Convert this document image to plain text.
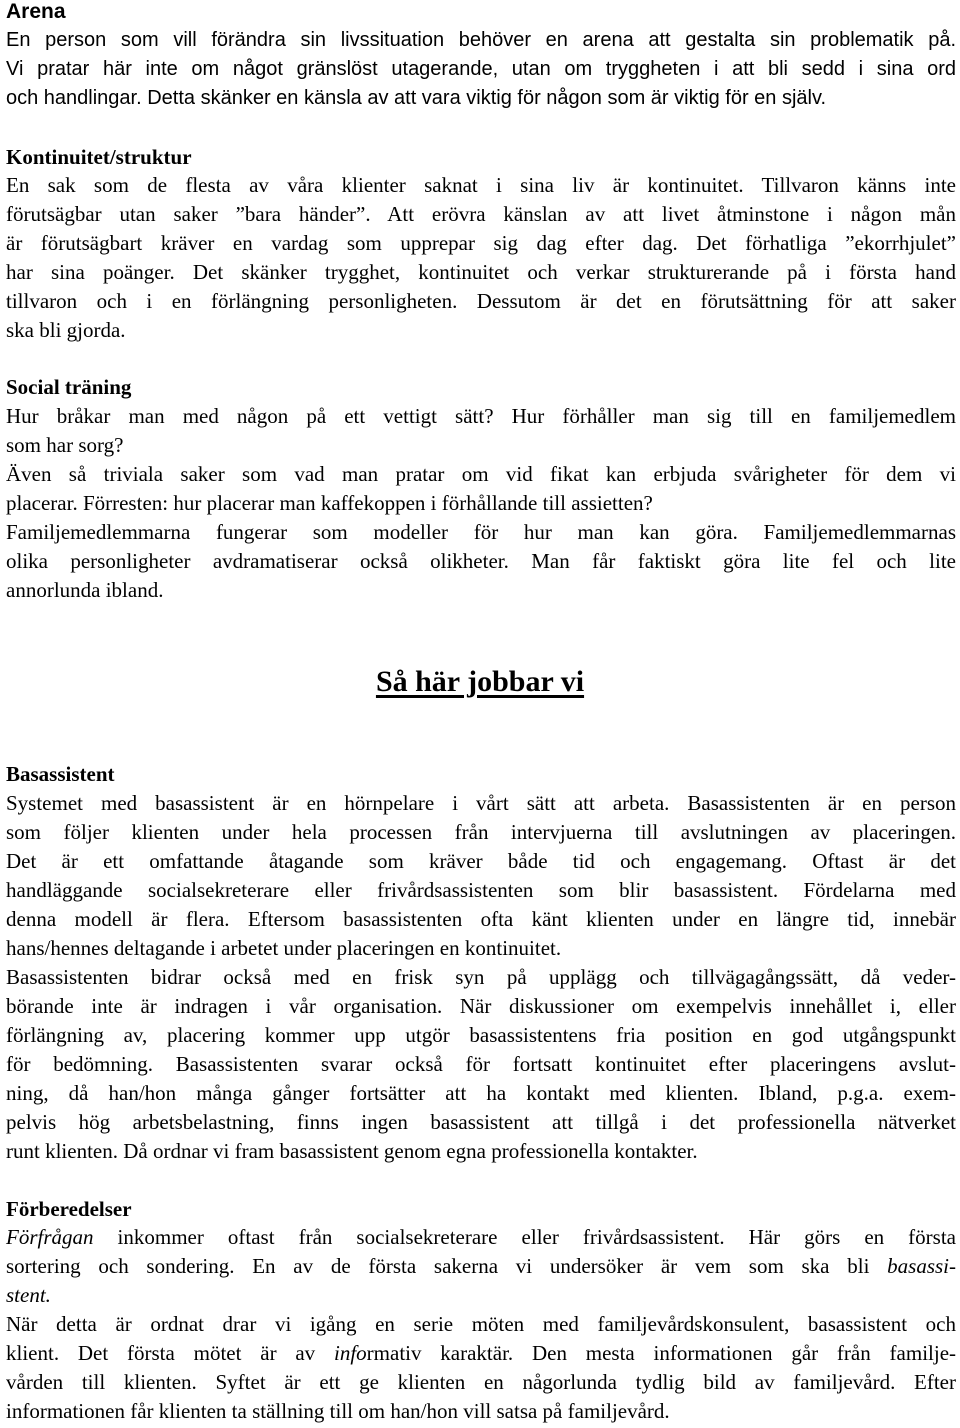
Arena
En person som vill förändra sin livssituation behöver en arena att gestalta sin problematik på.
Vi pratar här inte om något gränslöst utagerande, utan om tryggheten i att bli sedd i sina ord
och handlingar. Detta skänker en känsla av att vara viktig för någon som är viktig för en själv.
Kontinuitet/struktur
En sak som de flesta av våra klienter saknat i sina liv är kontinuitet. Tillvaron känns inte
förutsägbar utan saker ”bara händer”. Att erövra känslan av att livet åtminstone i någon mån
är förutsägbart kräver en vardag som upprepar sig dag efter dag. Det förhatliga ”ekorrhjulet”
har sina poänger. Det skänker trygghet, kontinuitet och verkar strukturerande på i första hand
tillvaron och i en förlängning personligheten. Dessutom är det en förutsättning för att saker
ska bli gjorda.
Social träning
Hur bråkar man med någon på ett vettigt sätt? Hur förhåller man sig till en familjemedlem
som har sorg?
Även så triviala saker som vad man pratar om vid fikat kan erbjuda svårigheter för dem vi
placerar. Förresten: hur placerar man kaffekoppen i förhållande till assietten?
Familjemedlemmarna fungerar som modeller för hur man kan göra. Familjemedlemmarnas
olika personligheter avdramatiserar också olikheter. Man får faktiskt göra lite fel och lite
annorlunda ibland.
Så här jobbar vi
Basassistent
Systemet med basassistent är en hörnpelare i vårt sätt att arbeta. Basassistenten är en person
som följer klienten under hela processen från intervjuerna till avslutningen av placeringen.
Det är ett omfattande åtagande som kräver både tid och engagemang. Oftast är det
handläggande socialsekreterare eller frivårdsassistenten som blir basassistent. Fördelarna med
denna modell är flera. Eftersom basassistenten ofta känt klienten under en längre tid, innebär
hans/hennes deltagande i arbetet under placeringen en kontinuitet.
Basassistenten bidrar också med en frisk syn på upplägg och tillvägagångssätt, då veder-
börande inte är indragen i vår organisation. När diskussioner om exempelvis innehållet i, eller
förlängning av, placering kommer upp utgör basassistentens fria position en god utgångspunkt
för bedömning. Basassistenten svarar också för fortsatt kontinuitet efter placeringens avslut-
ning, då han/hon många gånger fortsätter att ha kontakt med klienten. Ibland, p.g.a. exem-
pelvis hög arbetsbelastning, finns ingen basassistent att tillgå i det professionella nätverket
runt klienten. Då ordnar vi fram basassistent genom egna professionella kontakter.
Förberedelser
Förfrågan inkommer oftast från socialsekreterare eller frivårdsassistent. Här görs en första
sortering och sondering. En av de första sakerna vi undersöker är vem som ska bli basassi-
stent.
När detta är ordnat drar vi igång en serie möten med familjevårdskonsulent, basassistent och
klient. Det första mötet är av informativ karaktär. Den mesta informationen går från familje-
vården till klienten. Syftet är ett ge klienten en någorlunda tydlig bild av familjevård. Efter
informationen får klienten ta ställning till om han/hon vill satsa på familjevård.
